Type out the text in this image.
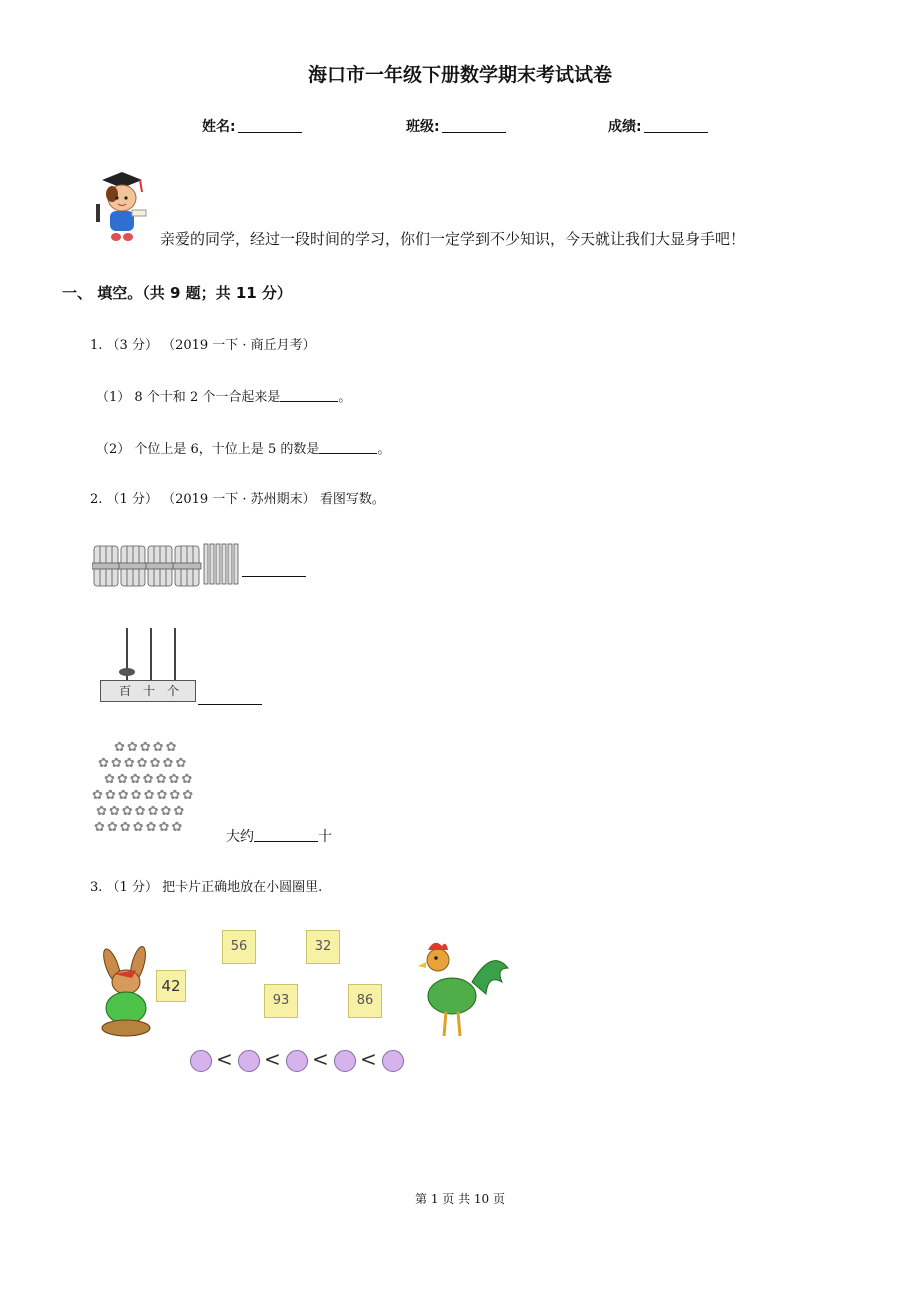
海口市一年级下册数学期末考试试卷
姓名:	班级:	成绩:
亲爱的同学，经过一段时间的学习，你们一定学到不少知识，今天就让我们大显身手吧！
一、 填空。（共 9 题；共 11 分）
1. （3 分） （2019 一下 · 商丘月考）
（1） 8 个十和 2 个一合起来是	。
（2） 个位上是 6，十位上是 5 的数是	。
2. （1 分） （2019 一下 · 苏州期末） 看图写数。
百 十 个
✿✿✿✿✿
✿✿✿✿✿✿✿
✿✿✿✿✿✿✿
✿✿✿✿✿✿✿✿
✿✿✿✿✿✿✿
✿✿✿✿✿✿✿
大约	十
3. （1 分） 把卡片正确地放在小圆圈里.
42
56	32
93	86
< < < <
第 1 页 共 10 页
